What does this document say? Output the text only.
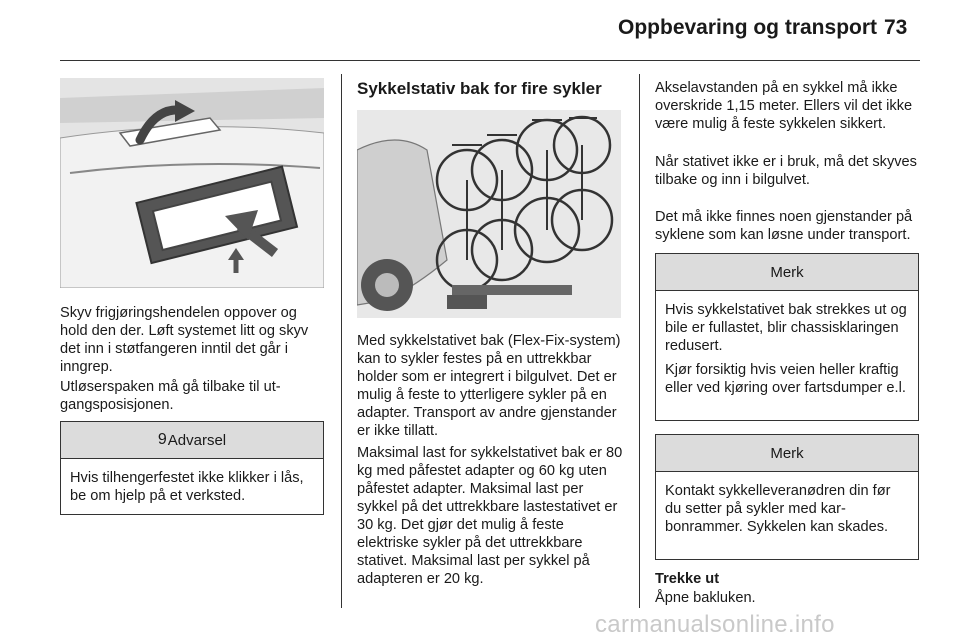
Oppbevaring og transport 73

Skyv frigjøringshendelen oppover og hold den der. Løft systemet litt og skyv det inn i støtfangeren inntil det går i inngrep.

Utløserspaken må gå tilbake til utgangsposisjonen.

9 Advarsel
Hvis tilhengerfestet ikke klikker i lås, be om hjelp på et verksted.
Sykkelstativ bak for fire sykler

Med sykkelstativet bak (Flex-Fix-system) kan to sykler festes på en uttrekkbar holder som er integrert i bilgulvet. Det er mulig å feste to ytterligere sykler på en adapter. Transport av andre gjenstander er ikke tillatt.

Maksimal last for sykkelstativet bak er 80 kg med påfestet adapter og 60 kg uten påfestet adapter. Maksimal last per sykkel på det uttrekkbare lastestativet er 30 kg. Det gjør det mulig å feste elektriske sykler på det uttrekkbare stativet. Maksimal last per sykkel på adapteren er 20 kg.

Akselavstanden på en sykkel må ikke overskride 1,15 meter. Ellers vil det ikke være mulig å feste sykkelen sikkert.

Når stativet ikke er i bruk, må det skyves tilbake og inn i bilgulvet.

Det må ikke finnes noen gjenstander på syklene som kan løsne under transport.

Merk

Hvis sykkelstativet bak strekkes ut og bile er fullastet, blir chassisklaringen redusert.

Kjør forsiktig hvis veien heller kraftig eller ved kjøring over fartsdumper e.l.

Merk

Kontakt sykkelleveranødren din før du setter på sykler med karbonrammer. Sykkelen kan skades.

Trekke ut

Åpne bakluken.

carmanualsonline.info
